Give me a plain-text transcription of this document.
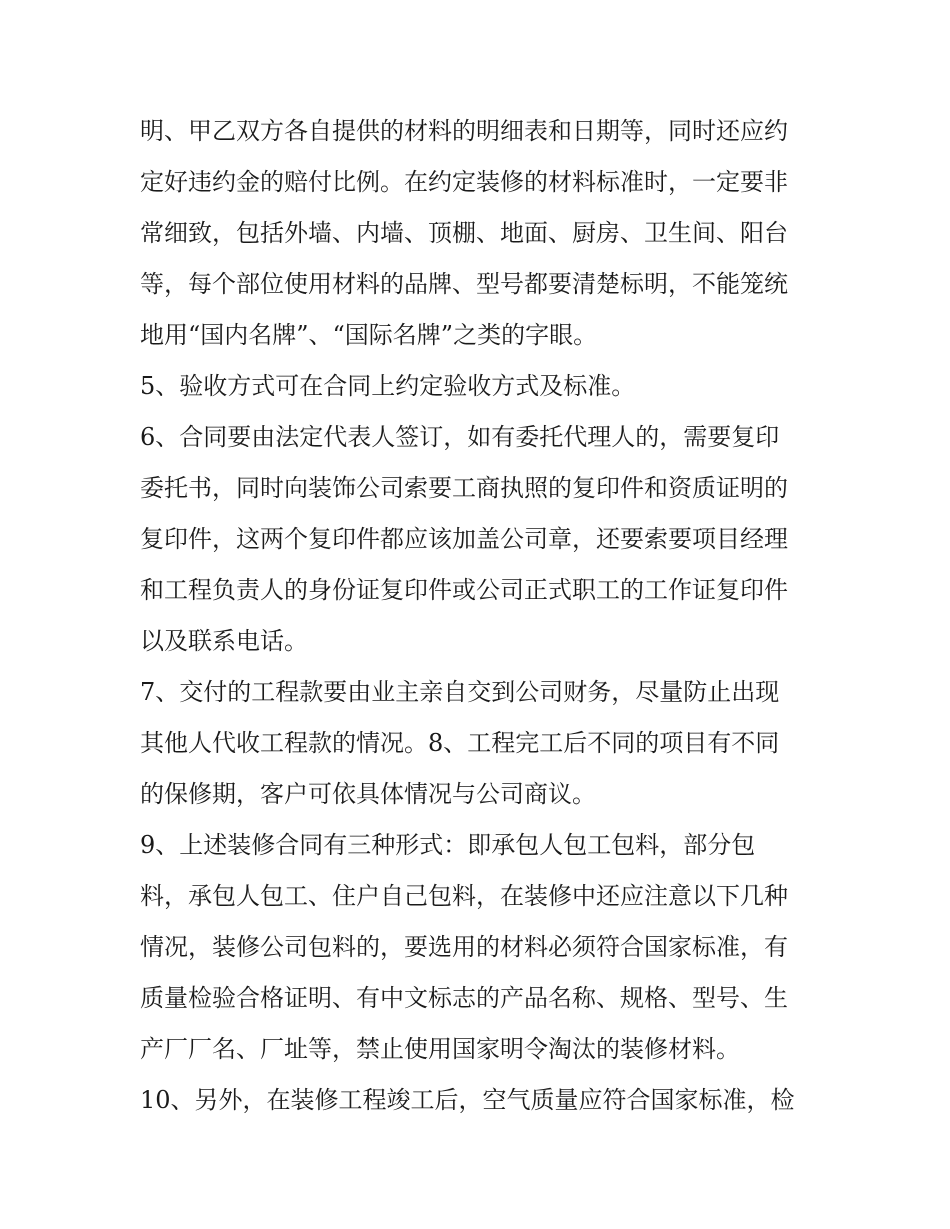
明、甲乙双方各自提供的材料的明细表和日期等，同时还应约
定好违约金的赔付比例。在约定装修的材料标准时，一定要非
常细致，包括外墙、内墙、顶棚、地面、厨房、卫生间、阳台
等，每个部位使用材料的品牌、型号都要清楚标明，不能笼统
地用“国内名牌”、“国际名牌”之类的字眼。
5、验收方式可在合同上约定验收方式及标准。
6、合同要由法定代表人签订，如有委托代理人的，需要复印
委托书，同时向装饰公司索要工商执照的复印件和资质证明的
复印件，这两个复印件都应该加盖公司章，还要索要项目经理
和工程负责人的身份证复印件或公司正式职工的工作证复印件
以及联系电话。
7、交付的工程款要由业主亲自交到公司财务，尽量防止出现
其他人代收工程款的情况。8、工程完工后不同的项目有不同
的保修期，客户可依具体情况与公司商议。
9、上述装修合同有三种形式：即承包人包工包料，部分包
料，承包人包工、住户自己包料，在装修中还应注意以下几种
情况，装修公司包料的，要选用的材料必须符合国家标准，有
质量检验合格证明、有中文标志的产品名称、规格、型号、生
产厂厂名、厂址等，禁止使用国家明令淘汰的装修材料。
10、另外，在装修工程竣工后，空气质量应符合国家标准，检
